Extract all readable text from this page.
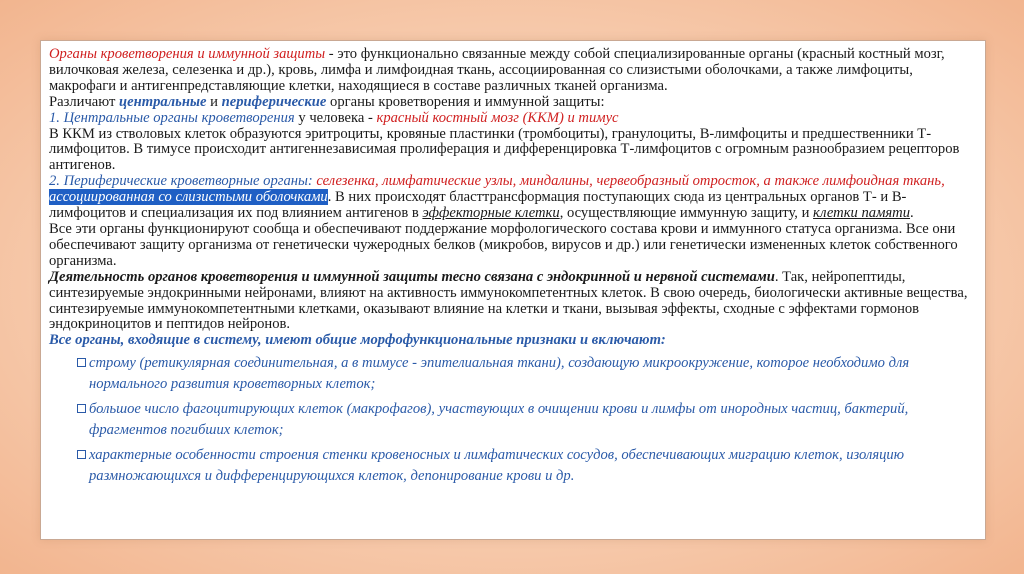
Органы кроветворения и иммунной защиты - это функционально связанные между собой специализированные органы (красный костный мозг, вилочковая железа, селезенка и др.), кровь, лимфа и лимфоидная ткань, ассоциированная со слизистыми оболочками, а также лимфоциты, макрофаги и антигенпредставляющие клетки, находящиеся в составе различных тканей организма.

Различают центральные и периферические органы кроветворения и иммунной защиты:

1. Центральные органы кроветворения у человека - красный костный мозг (ККМ) и тимус

В ККМ из стволовых клеток образуются эритроциты, кровяные пластинки (тромбоциты), гранулоциты, В-лимфоциты и предшественники Т-лимфоцитов. В тимусе происходит антигеннезависимая пролиферация и дифференцировка Т-лимфоцитов с огромным разнообразием рецепторов антигенов.

2. Периферические кроветворные органы: селезенка, лимфатические узлы, миндалины, червеобразный отросток, а также лимфоидная ткань, ассоциированная со слизистыми оболочками. В них происходят бласттрансформация поступающих сюда из центральных органов Т- и В-лимфоцитов и специализация их под влиянием антигенов в эффекторные клетки, осуществляющие иммунную защиту, и клетки памяти.

Все эти органы функционируют сообща и обеспечивают поддержание морфологического состава крови и иммунного статуса организма. Все они обеспечивают защиту организма от генетически чужеродных белков (микробов, вирусов и др.) или генетически измененных клеток собственного организма.

Деятельность органов кроветворения и иммунной защиты тесно связана с эндокринной и нервной системами. Так, нейропептиды, синтезируемые эндокринными нейронами, влияют на активность иммунокомпетентных клеток. В свою очередь, биологически активные вещества, синтезируемые иммунокомпетентными клетками, оказывают влияние на клетки и ткани, вызывая эффекты, сходные с эффектами гормонов эндокриноцитов и пептидов нейронов.

Все органы, входящие в систему, имеют общие морфофункциональные признаки и включают:

строму (ретикулярная соединительная, а в тимусе - эпителиальная ткани), создающую микроокружение, которое необходимо для нормального развития кроветворных клеток;
большое число фагоцитирующих клеток (макрофагов), участвующих в очищении крови и лимфы от инородных частиц, бактерий, фрагментов погибших клеток;
характерные особенности строения стенки кровеносных и лимфатических сосудов, обеспечивающих миграцию клеток, изоляцию размножающихся и дифференцирующихся клеток, депонирование крови и др.
